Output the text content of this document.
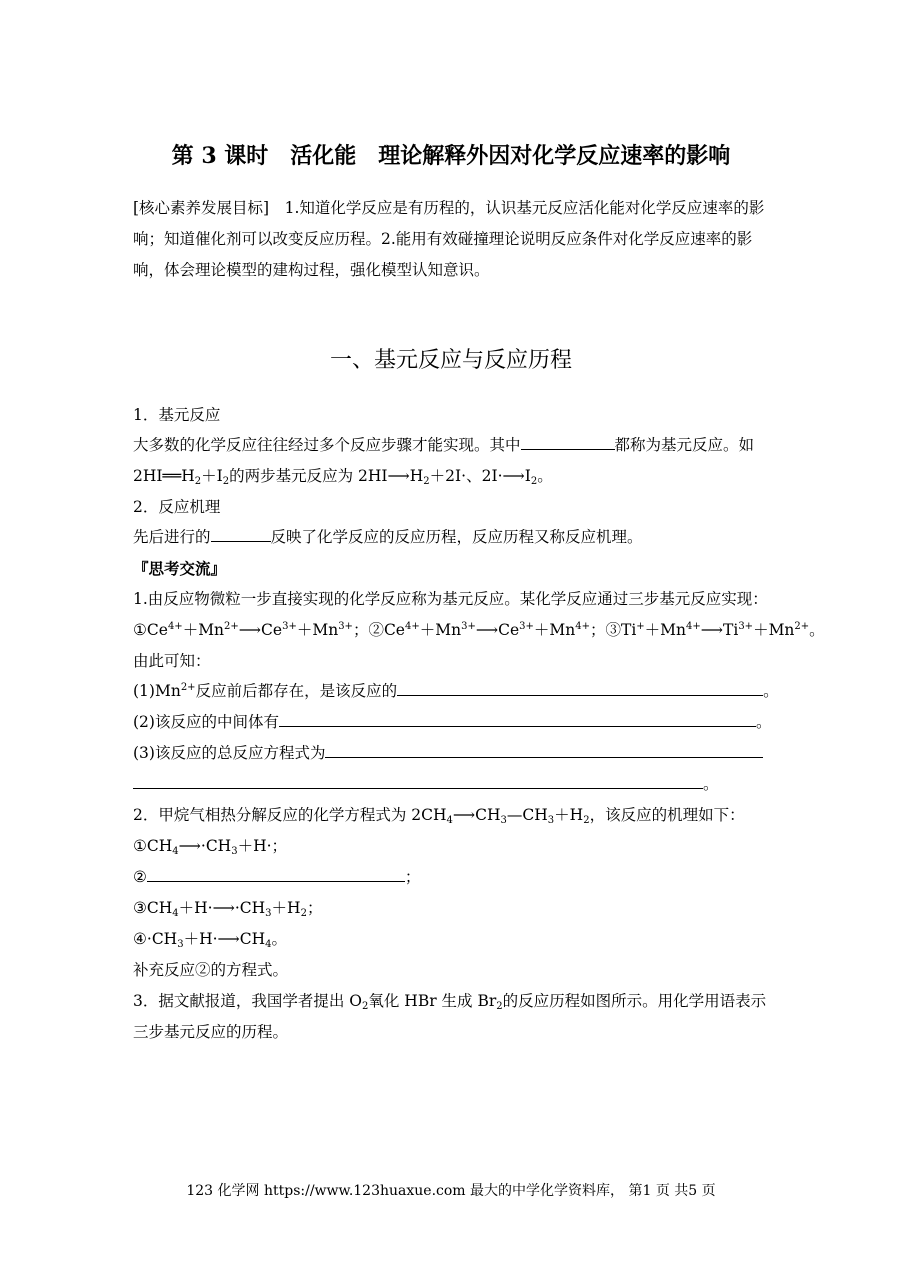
第 3 课时　活化能　理论解释外因对化学反应速率的影响
[核心素养发展目标]　1.知道化学反应是有历程的，认识基元反应活化能对化学反应速率的影
响；知道催化剂可以改变反应历程。2.能用有效碰撞理论说明反应条件对化学反应速率的影
响，体会理论模型的建构过程，强化模型认知意识。
一、基元反应与反应历程
1．基元反应
大多数的化学反应往往经过多个反应步骤才能实现。其中	都称为基元反应。如
$2HI══H_2+I_2$的两步基元反应为 $2HI⟶H_2+2I\cdot$、$2I\cdot⟶I_2$。
2．反应机理
先后进行的	反映了化学反应的反应历程，反应历程又称反应机理。
『思考交流』
1.由反应物微粒一步直接实现的化学反应称为基元反应。某化学反应通过三步基元反应实现：
$①Ce^{4+}+Mn^{2+}⟶Ce^{3+}+Mn^{3+}$；$②Ce^{4+}+Mn^{3+}⟶Ce^{3+}+Mn^{4+}$；$③Ti^++Mn^{4+}⟶Ti^{3+}+Mn^{2+}$。
由此可知：
$(1)Mn^{2+}$反应前后都存在，是该反应的	。
(2)该反应的中间体有	。
(3)该反应的总反应方程式为
。
2．甲烷气相热分解反应的化学方程式为 $2CH_4⟶CH_3—CH_3+H_2$，该反应的机理如下：
$①CH_4⟶\cdot CH_3+H\cdot$；
②	；
$③CH_4+H\cdot⟶\cdot CH_3+H_2$；
$④\cdot CH_3+H\cdot⟶CH_4$。
补充反应②的方程式。
3．据文献报道，我国学者提出 $O_2$氧化 HBr 生成 $Br_2$的反应历程如图所示。用化学用语表示
三步基元反应的历程。
123 化学网 https://www.123huaxue.com 最大的中学化学资料库， 第1 页 共5 页
